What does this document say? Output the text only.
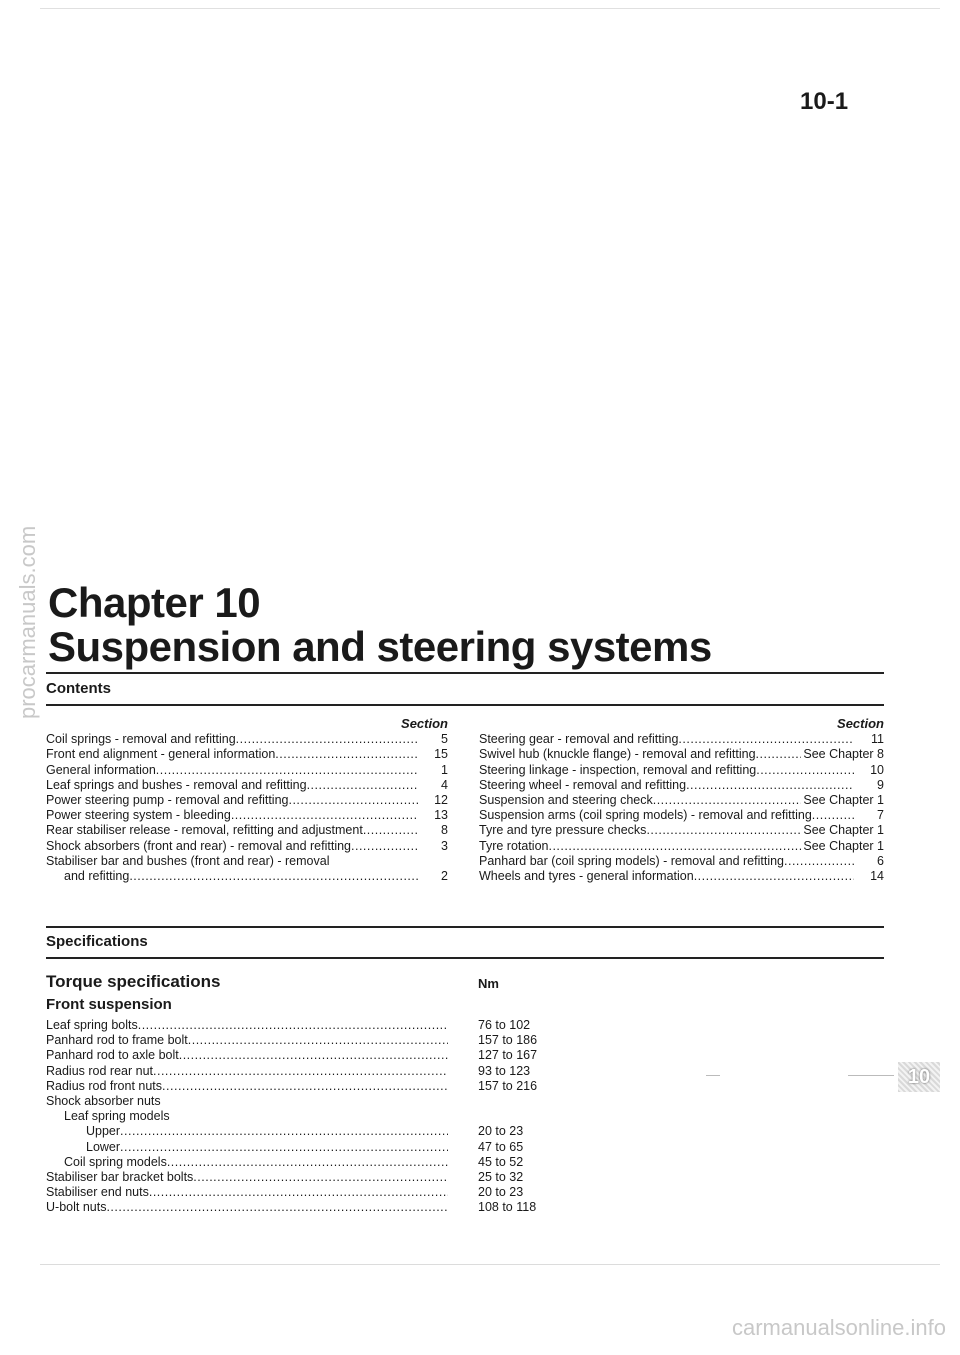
10-1
Chapter 10
Suspension and steering systems
Contents
Section
Coil springs - removal and refitting .....	5
Front end alignment - general information .....	15
General information .....	1
Leaf springs and bushes - removal and refitting .....	4
Power steering pump - removal and refitting .....	12
Power steering system - bleeding .....	13
Rear stabiliser release - removal, refitting and adjustment .....	8
Shock absorbers (front and rear) - removal and refitting .....	3
Stabiliser bar and bushes (front and rear) - removal
and refitting .....	2
Section
Steering gear - removal and refitting .....	11
Swivel hub (knuckle flange) - removal and refitting .....	See Chapter 8
Steering linkage - inspection, removal and refitting .....	10
Steering wheel - removal and refitting .....	9
Suspension and steering check .....	See Chapter 1
Suspension arms (coil spring models) - removal and refitting .....	7
Tyre and tyre pressure checks .....	See Chapter 1
Tyre rotation .....	See Chapter 1
Panhard bar (coil spring models) - removal and refitting .....	6
Wheels and tyres - general information .....	14
Specifications
Torque specifications	Nm
Front suspension
Leaf spring bolts .....	76 to 102
Panhard rod to frame bolt .....	157 to 186
Panhard rod to axle bolt .....	127 to 167
Radius rod rear nut .....	93 to 123
Radius rod front nuts .....	157 to 216
Shock absorber nuts
Leaf spring models
Upper .....	20 to 23
Lower .....	47 to 65
Coil spring models .....	45 to 52
Stabiliser bar bracket bolts .....	25 to 32
Stabiliser end nuts .....	20 to 23
U-bolt nuts .....	108 to 118
10
procarmanuals.com
carmanualsonline.info
